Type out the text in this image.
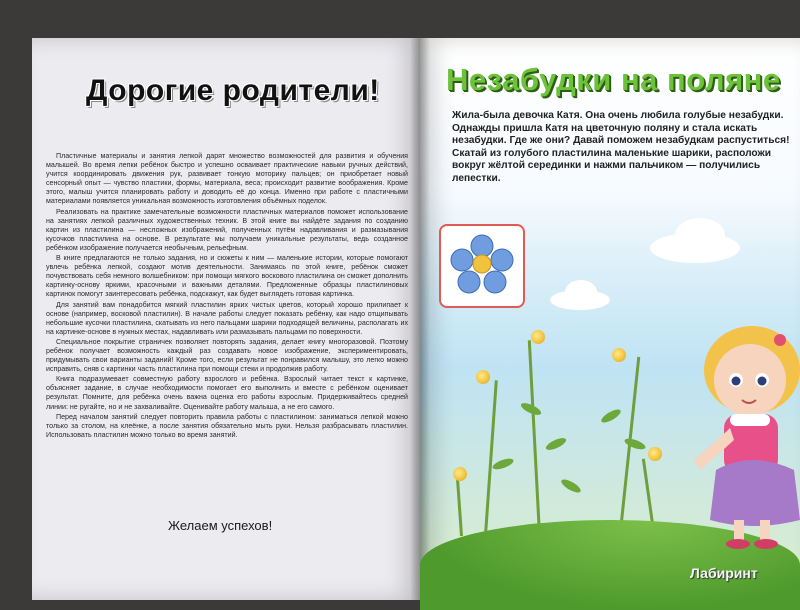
Дорогие родители!

Пластичные материалы и занятия лепкой дарят множество возможностей для развития и обучения малышей. Во время лепки ребёнок быстро и успешно осваивает практические навыки ручных действий, учится координировать движения рук, развивает тонкую моторику пальцев; он приобретает новый сенсорный опыт — чувство пластики, формы, материала, веса; происходит развитие воображения. Кроме этого, малыш учится планировать работу и доводить её до конца. Именно при работе с пластичными материалами появляется уникальная возможность изготовления объёмных поделок.

Реализовать на практике замечательные возможности пластичных материалов поможет использование на занятиях лепкой различных художественных техник. В этой книге вы найдёте задания по созданию картин из пластилина — несложных изображений, полученных путём надавливания и размазывания кусочков пластилина на основе. В результате мы получаем уникальные результаты, ведь созданное ребёнком изображение получается необычным, рельефным.

В книге предлагаются не только задания, но и сюжеты к ним — маленькие истории, которые помогают увлечь ребёнка лепкой, создают мотив деятельности. Занимаясь по этой книге, ребёнок сможет почувствовать себя немного волшебником: при помощи мягкого воскового пластилина он сможет дополнить картинку-основу яркими, красочными и важными деталями. Предложенные образцы пластилиновых картинок помогут заинтересовать ребёнка, подскажут, как будет выглядеть готовая картинка.

Для занятий вам понадобится мягкий пластилин ярких чистых цветов, который хорошо прилипает к основе (например, восковой пластилин). В начале работы следует показать ребёнку, как надо отщипывать небольшие кусочки пластилина, скатывать из него пальцами шарики подходящей величины, располагать их на картинке-основе в нужных местах, надавливать или размазывать пальцами по поверхности.

Специальное покрытие страничек позволяет повторять задания, делает книгу многоразовой. Поэтому ребёнок получает возможность каждый раз создавать новое изображение, экспериментировать, придумывать свои варианты заданий! Кроме того, если результат не понравился малышу, это легко можно исправить, сняв с картинки часть пластилина при помощи стеки и продолжив работу.

Книга подразумевает совместную работу взрослого и ребёнка. Взрослый читает текст к картинке, объясняет задание, в случае необходимости помогает его выполнить и вместе с ребёнком оценивает результат. Помните, для ребёнка очень важна оценка его работы взрослым. Придерживайтесь средней линии: не ругайте, но и не захваливайте. Оценивайте работу малыша, а не его самого.

Перед началом занятий следует повторить правила работы с пластилином: заниматься лепкой можно только за столом, на клеёнке, а после занятия обязательно мыть руки. Нельзя разбрасывать пластилин. Использовать пластилин можно только во время занятий.

Желаем успехов!
Незабудки на поляне
Жила-была девочка Катя. Она очень любила голубые незабудки. Однажды пришла Катя на цветочную поляну и стала искать незабудки. Где же они? Давай поможем незабудкам распуститься! Скатай из голубого пластилина маленькие шарики, расположи вокруг жёлтой серединки и нажми пальчиком — получились лепестки.
Лабиринт
